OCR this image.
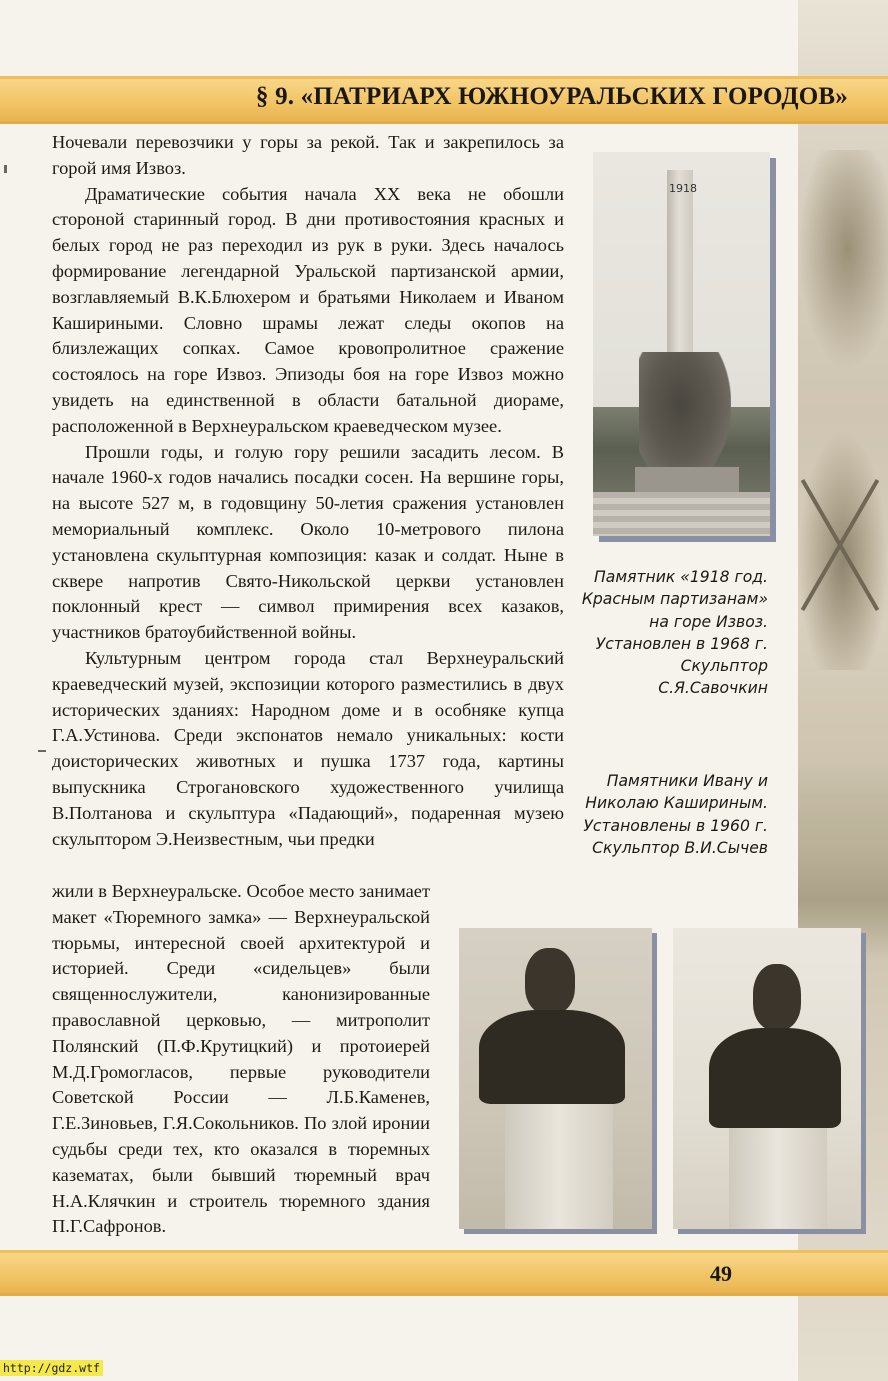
§ 9. «ПАТРИАРХ ЮЖНОУРАЛЬСКИХ ГОРОДОВ»

Ночевали перевозчики у горы за рекой. Так и закрепилось за горой имя Извоз.

Драматические события начала XX века не обошли стороной старинный город. В дни противостояния красных и белых город не раз переходил из рук в руки. Здесь началось формирование легендарной Уральской партизанской армии, возглавляемый В.К.Блюхером и братьями Николаем и Иваном Кашириными. Словно шрамы лежат следы окопов на близлежащих сопках. Самое кровопролитное сражение состоялось на горе Извоз. Эпизоды боя на горе Извоз можно увидеть на единственной в области батальной диораме, расположенной в Верхнеуральском краеведческом музее.

Прошли годы, и голую гору решили засадить лесом. В начале 1960-х годов начались посадки сосен. На вершине горы, на высоте 527 м, в годовщину 50-летия сражения установлен мемориальный комплекс. Около 10-метрового пилона установлена скульптурная композиция: казак и солдат. Ныне в сквере напротив Свято-Никольской церкви установлен поклонный крест — символ примирения всех казаков, участников братоубийственной войны.

Культурным центром города стал Верхнеуральский краеведческий музей, экспозиции которого разместились в двух исторических зданиях: Народном доме и в особняке купца Г.А.Устинова. Среди экспонатов немало уникальных: кости доисторических животных и пушка 1737 года, картины выпускника Строгановского художественного училища В.Полтанова и скульптура «Падающий», подаренная музею скульптором Э.Неизвестным, чьи предки

жили в Верхнеуральске. Особое место занимает макет «Тюремного замка» — Верхнеуральской тюрьмы, интересной своей архитектурой и историей. Среди «сидельцев» были священнослужители, канонизированные православной церковью, — митрополит Полянский (П.Ф.Крутицкий) и протоиерей М.Д.Громогласов, первые руководители Советской России — Л.Б.Каменев, Г.Е.Зиновьев, Г.Я.Сокольников. По злой иронии судьбы среди тех, кто оказался в тюремных казематах, были бывший тюремный врач Н.А.Клячкин и строитель тюремного здания П.Г.Сафронов.

1918
Памятник «1918 год. Красным партизанам» на горе Извоз. Установлен в 1968 г. Скульптор С.Я.Савочкин
Памятники Ивану и Николаю Кашириным. Установлены в 1960 г. Скульптор В.И.Сычев
49
http://gdz.wtf
